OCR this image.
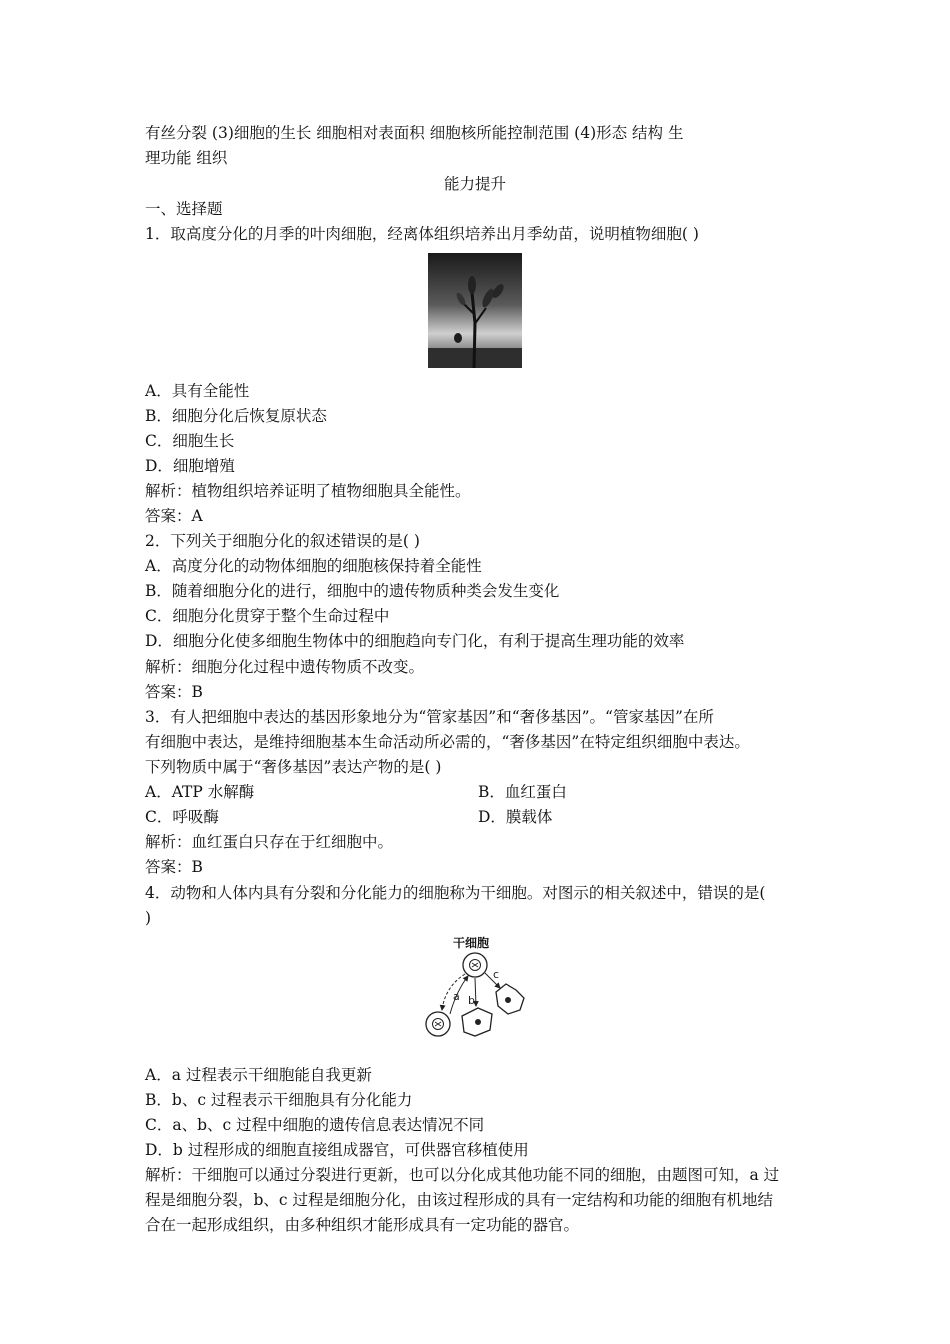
有丝分裂 (3)细胞的生长 细胞相对表面积 细胞核所能控制范围 (4)形态 结构 生
理功能 组织
能力提升
一、选择题
1．取高度分化的月季的叶肉细胞，经离体组织培养出月季幼苗，说明植物细胞( )
A．具有全能性
B．细胞分化后恢复原状态
C．细胞生长
D．细胞增殖
解析：植物组织培养证明了植物细胞具全能性。
答案：A
2．下列关于细胞分化的叙述错误的是( )
A．高度分化的动物体细胞的细胞核保持着全能性
B．随着细胞分化的进行，细胞中的遗传物质种类会发生变化
C．细胞分化贯穿于整个生命过程中
D．细胞分化使多细胞生物体中的细胞趋向专门化，有利于提高生理功能的效率
解析：细胞分化过程中遗传物质不改变。
答案：B
3．有人把细胞中表达的基因形象地分为“管家基因”和“奢侈基因”。“管家基因”在所
有细胞中表达，是维持细胞基本生命活动所必需的，“奢侈基因”在特定组织细胞中表达。
下列物质中属于“奢侈基因”表达产物的是( )
A．ATP 水解酶	B．血红蛋白
C．呼吸酶	D．膜载体
解析：血红蛋白只存在于红细胞中。
答案：B
4．动物和人体内具有分裂和分化能力的细胞称为干细胞。对图示的相关叙述中，错误的是(
)
干细胞
a b
c
A．a 过程表示干细胞能自我更新
B．b、c 过程表示干细胞具有分化能力
C．a、b、c 过程中细胞的遗传信息表达情况不同
D．b 过程形成的细胞直接组成器官，可供器官移植使用
解析：干细胞可以通过分裂进行更新，也可以分化成其他功能不同的细胞，由题图可知，a 过
程是细胞分裂，b、c 过程是细胞分化，由该过程形成的具有一定结构和功能的细胞有机地结
合在一起形成组织，由多种组织才能形成具有一定功能的器官。
